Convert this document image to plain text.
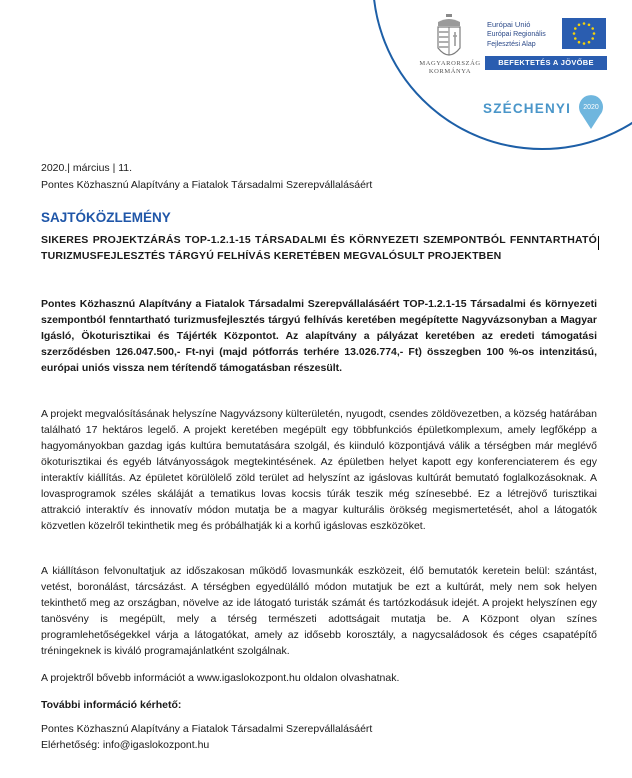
MAGYARORSZÁG
KORMÁNYA
Európai Unió
Európai Regionális
Fejlesztési Alap
BEFEKTETÉS A JÖVŐBE
SZÉCHENYI 2020
2020.| március | 11.
Pontes Közhasznú Alapítvány a Fiatalok Társadalmi Szerepvállalásáért
SAJTÓKÖZLEMÉNY
SIKERES PROJEKTZÁRÁS TOP-1.2.1-15 TÁRSADALMI ÉS KÖRNYEZETI SZEMPONTBÓL FENNTARTHATÓ TURIZMUSFEJLESZTÉS TÁRGYÚ FELHÍVÁS KERETÉBEN MEGVALÓSULT PROJEKTBEN
Pontes Közhasznú Alapítvány a Fiatalok Társadalmi Szerepvállalásáért TOP-1.2.1-15 Társadalmi és környezeti szempontból fenntartható turizmusfejlesztés tárgyú felhívás keretében megépítette Nagyvázsonyban a Magyar Igásló, Ökoturisztikai és Tájérték Központot. Az alapítvány a pályázat keretében az eredeti támogatási szerződésben 126.047.500,- Ft-nyi (majd pótforrás terhére 13.026.774,- Ft) összegben 100 %-os intenzitású, európai uniós vissza nem térítendő támogatásban részesült.
A projekt megvalósításának helyszíne Nagyvázsony külterületén, nyugodt, csendes zöldövezetben, a község határában található 17 hektáros legelő. A projekt keretében megépült egy többfunkciós épületkomplexum, amely legfőképp a hagyományokban gazdag igás kultúra bemutatására szolgál, és kiinduló központjává válik a térségben már meglévő ökoturisztikai és egyéb látványosságok megtekintésének. Az épületben helyet kapott egy konferenciaterem és egy interaktív kiállítás. Az épületet körülölelő zöld terület ad helyszínt az igáslovas kultúrát bemutató foglalkozásoknak. A lovasprogramok széles skáláját a tematikus lovas kocsis túrák teszik még színesebbé. Ez a létrejövő turisztikai attrakció interaktív és innovatív módon mutatja be a magyar kulturális örökség megismertetését, ahol a látogatók közvetlen közelről tekinthetik meg és próbálhatják ki a korhű igáslovas eszközöket.
A kiállításon felvonultatjuk az időszakosan működő lovasmunkák eszközeit, élő bemutatók keretein belül: szántást, vetést, boronálást, tárcsázást. A térségben egyedülálló módon mutatjuk be ezt a kultúrát, mely nem sok helyen tekinthető meg az országban, növelve az ide látogató turisták számát és tartózkodásuk idejét. A projekt helyszínen egy tanösvény is megépült, mely a térség természeti adottságait mutatja be. A Központ olyan színes programlehetőségekkel várja a látogatókat, amely az idősebb korosztály, a nagycsaládosok és céges csapatépítő tréningeknek is kiváló programajánlatként szolgálnak.
A projektről bővebb információt a www.igaslokozpont.hu oldalon olvashatnak.
További információ kérhető:
Pontes Közhasznú Alapítvány a Fiatalok Társadalmi Szerepvállalásáért
Elérhetőség: info@igaslokozpont.hu
